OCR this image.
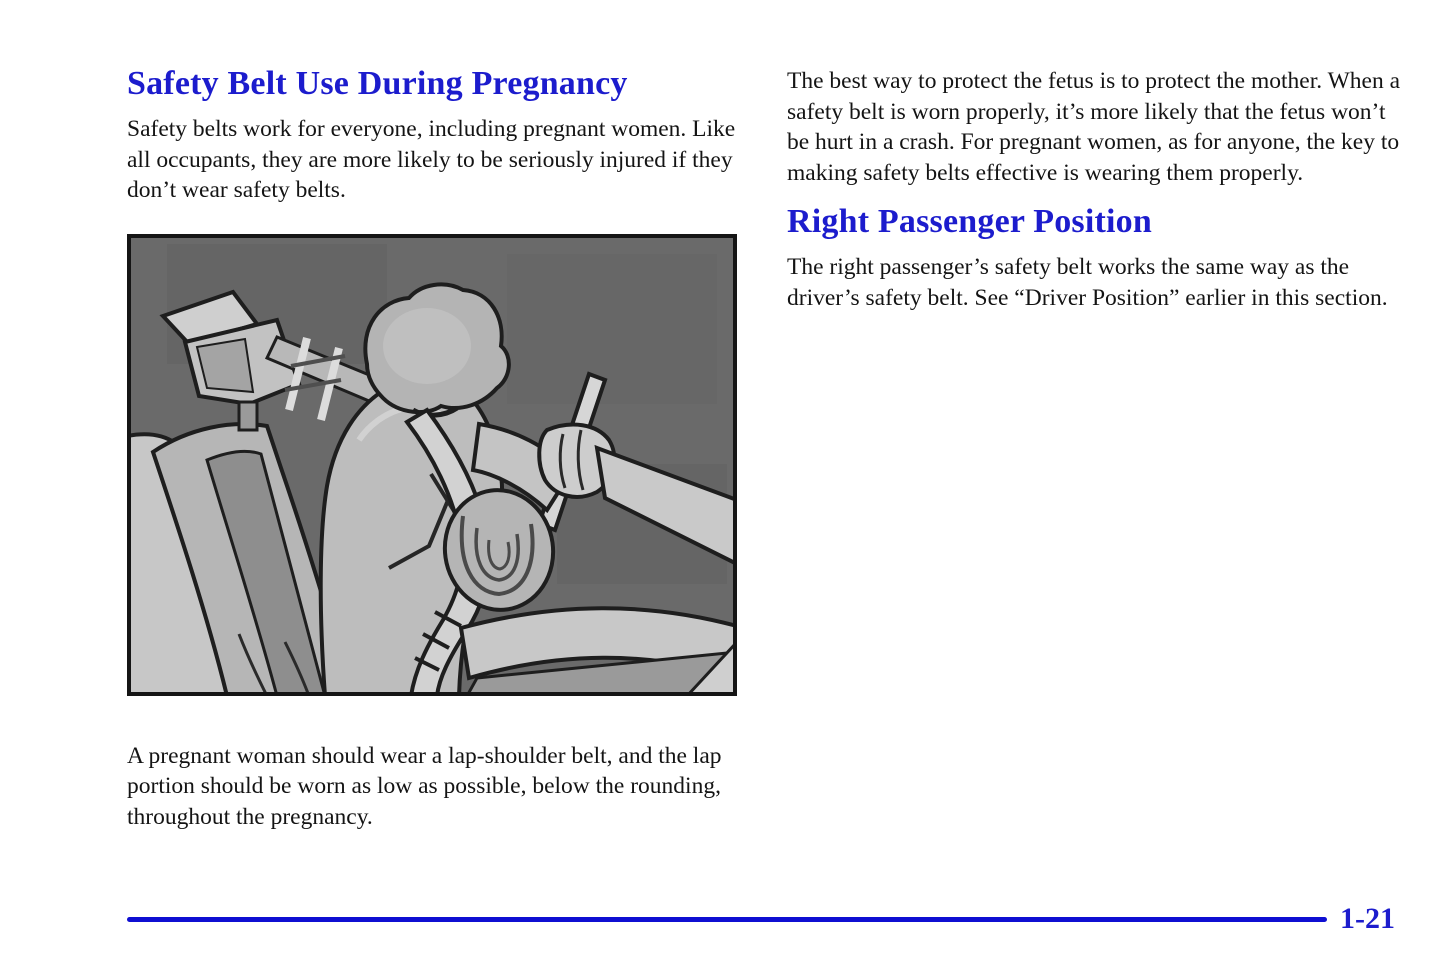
Safety Belt Use During Pregnancy

Safety belts work for everyone, including pregnant women. Like all occupants, they are more likely to be seriously injured if they don’t wear safety belts.

A pregnant woman should wear a lap-shoulder belt, and the lap portion should be worn as low as possible, below the rounding, throughout the pregnancy.

The best way to protect the fetus is to protect the mother. When a safety belt is worn properly, it’s more likely that the fetus won’t be hurt in a crash. For pregnant women, as for anyone, the key to making safety belts effective is wearing them properly.

Right Passenger Position

The right passenger’s safety belt works the same way as the driver’s safety belt. See “Driver Position” earlier in this section.

1-21
